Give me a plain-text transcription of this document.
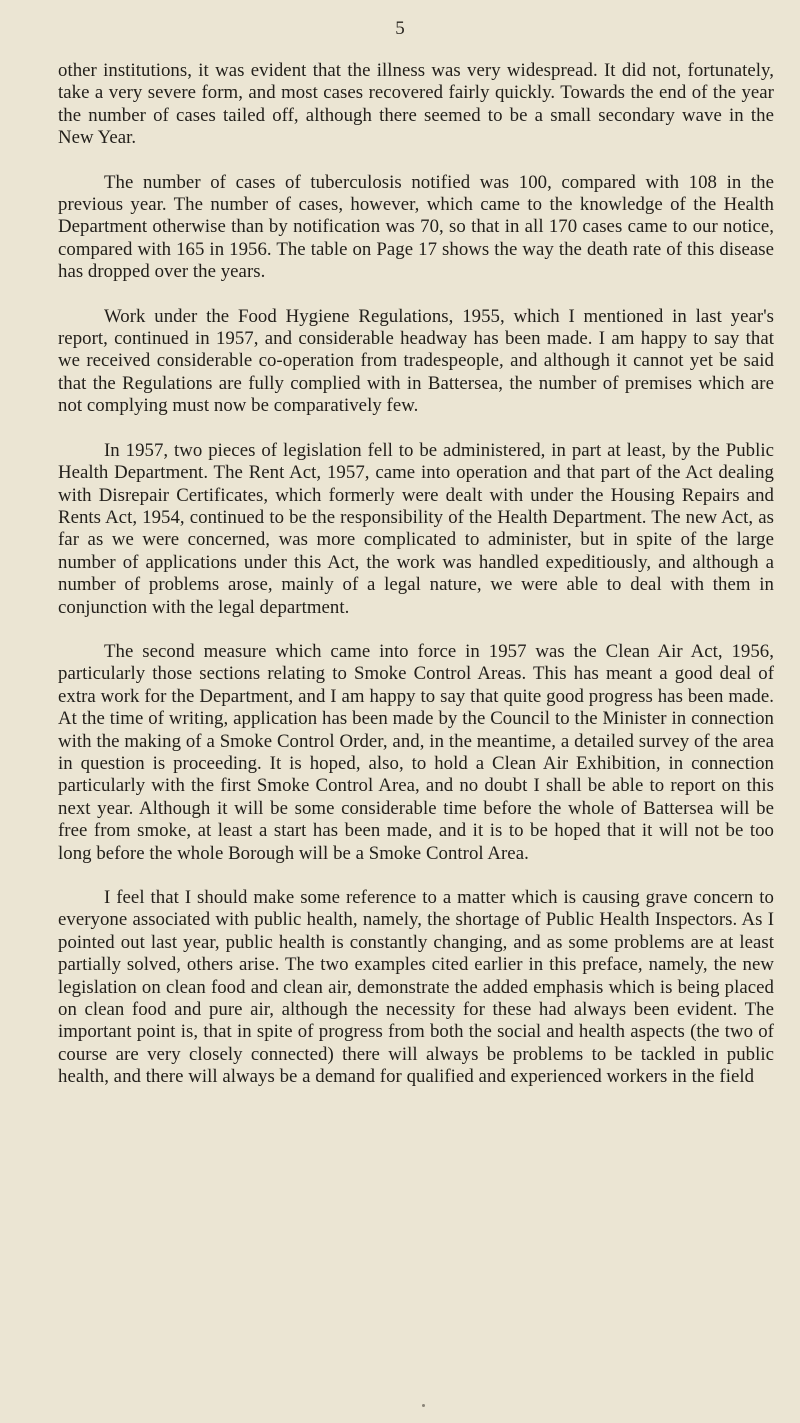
5

other institutions, it was evident that the illness was very widespread. It did not, fortunately, take a very severe form, and most cases recovered fairly quickly. Towards the end of the year the number of cases tailed off, although there seemed to be a small secondary wave in the New Year.

The number of cases of tuberculosis notified was 100, compared with 108 in the previous year. The number of cases, however, which came to the knowledge of the Health Department otherwise than by notification was 70, so that in all 170 cases came to our notice, compared with 165 in 1956. The table on Page 17 shows the way the death rate of this disease has dropped over the years.

Work under the Food Hygiene Regulations, 1955, which I mentioned in last year's report, continued in 1957, and considerable headway has been made. I am happy to say that we received considerable co-operation from tradespeople, and although it cannot yet be said that the Regulations are fully complied with in Battersea, the number of premises which are not complying must now be comparatively few.

In 1957, two pieces of legislation fell to be administered, in part at least, by the Public Health Department. The Rent Act, 1957, came into operation and that part of the Act dealing with Disrepair Certificates, which formerly were dealt with under the Housing Repairs and Rents Act, 1954, continued to be the responsibility of the Health Department. The new Act, as far as we were concerned, was more complicated to administer, but in spite of the large number of applications under this Act, the work was handled expeditiously, and although a number of problems arose, mainly of a legal nature, we were able to deal with them in conjunction with the legal department.

The second measure which came into force in 1957 was the Clean Air Act, 1956, particularly those sections relating to Smoke Control Areas. This has meant a good deal of extra work for the Department, and I am happy to say that quite good progress has been made. At the time of writing, application has been made by the Council to the Minister in connection with the making of a Smoke Control Order, and, in the meantime, a detailed survey of the area in question is proceeding. It is hoped, also, to hold a Clean Air Exhibition, in connection particularly with the first Smoke Control Area, and no doubt I shall be able to report on this next year. Although it will be some considerable time before the whole of Battersea will be free from smoke, at least a start has been made, and it is to be hoped that it will not be too long before the whole Borough will be a Smoke Control Area.

I feel that I should make some reference to a matter which is causing grave concern to everyone associated with public health, namely, the shortage of Public Health Inspectors. As I pointed out last year, public health is constantly changing, and as some problems are at least partially solved, others arise. The two examples cited earlier in this preface, namely, the new legislation on clean food and clean air, demonstrate the added emphasis which is being placed on clean food and pure air, although the necessity for these had always been evident. The important point is, that in spite of progress from both the social and health aspects (the two of course are very closely connected) there will always be problems to be tackled in public health, and there will always be a demand for qualified and experienced workers in the field
